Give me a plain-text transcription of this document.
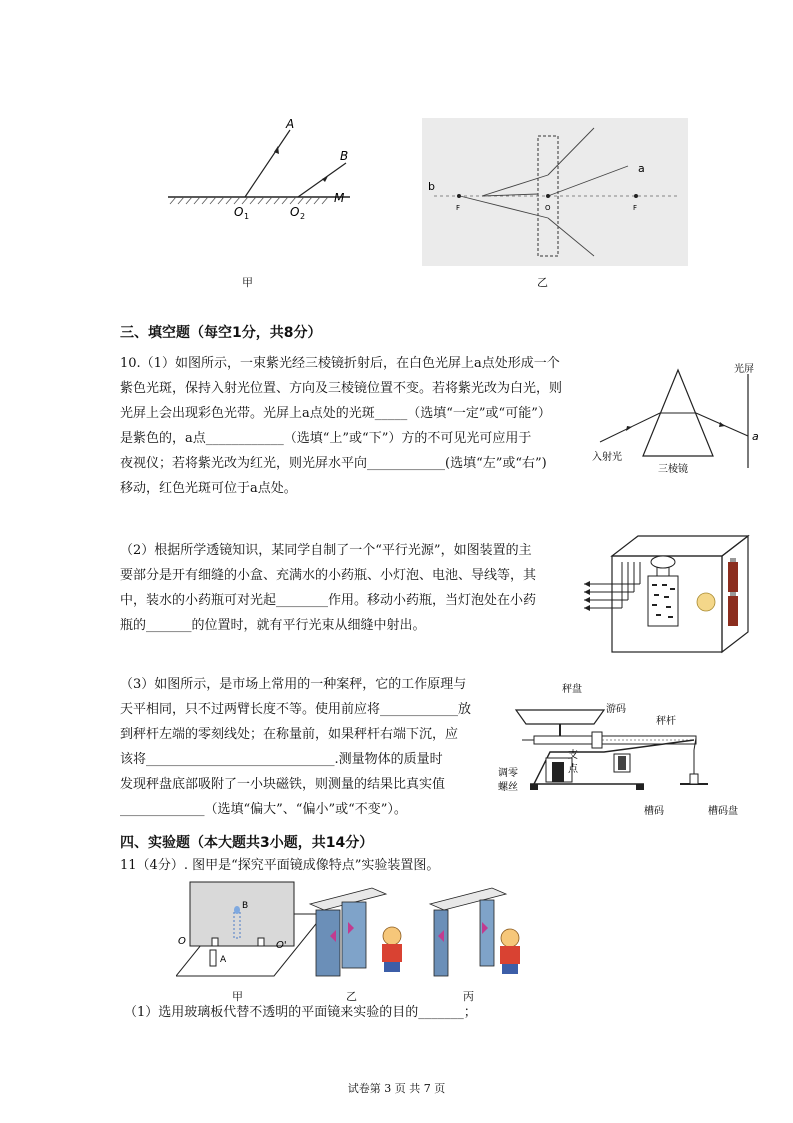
A
B
O 1	O 2
M
b
a
F	O	F
甲	乙
三、填空题（每空1分，共8分）
10.（1）如图所示，一束紫光经三棱镜折射后，在白色光屏上a点处形成一个
紫色光斑，保持入射光位置、方向及三棱镜位置不变。若将紫光改为白光，则
光屏上会出现彩色光带。光屏上a点处的光斑_____（选填“一定”或“可能”）
是紫色的，a点____________（选填“上”或“下”）方的不可见光可应用于
夜视仪；若将紫光改为红光，则光屏水平向____________(选填“左”或“右”)
移动，红色光斑可位于a点处。
光屏
a
入射光
三棱镜
（2）根据所学透镜知识，某同学自制了一个“平行光源”，如图装置的主
要部分是开有细缝的小盒、充满水的小药瓶、小灯泡、电池、导线等，其
中，装水的小药瓶可对光起________作用。移动小药瓶，当灯泡处在小药
瓶的_______的位置时，就有平行光束从细缝中射出。
（3）如图所示，是市场上常用的一种案秤，它的工作原理与
天平相同，只不过两臂长度不等。使用前应将____________放
到秤杆左端的零刻线处；在称量前，如果秤杆右端下沉，应
该将_____________________________.测量物体的质量时
发现秤盘底部吸附了一小块磁铁，则测量的结果比真实值
_____________（选填“偏大”、“偏小”或“不变”）。
秤盘
游码
秤杆
调零
螺丝
支
点
槽码	槽码盘
四、实验题（本大题共3小题，共14分）
11（4分）. 图甲是“探究平面镜成像特点”实验装置图。
B
A
O	O'
甲	乙	丙
（1）选用玻璃板代替不透明的平面镜来实验的目的_______；
试卷第 3 页 共 7 页
